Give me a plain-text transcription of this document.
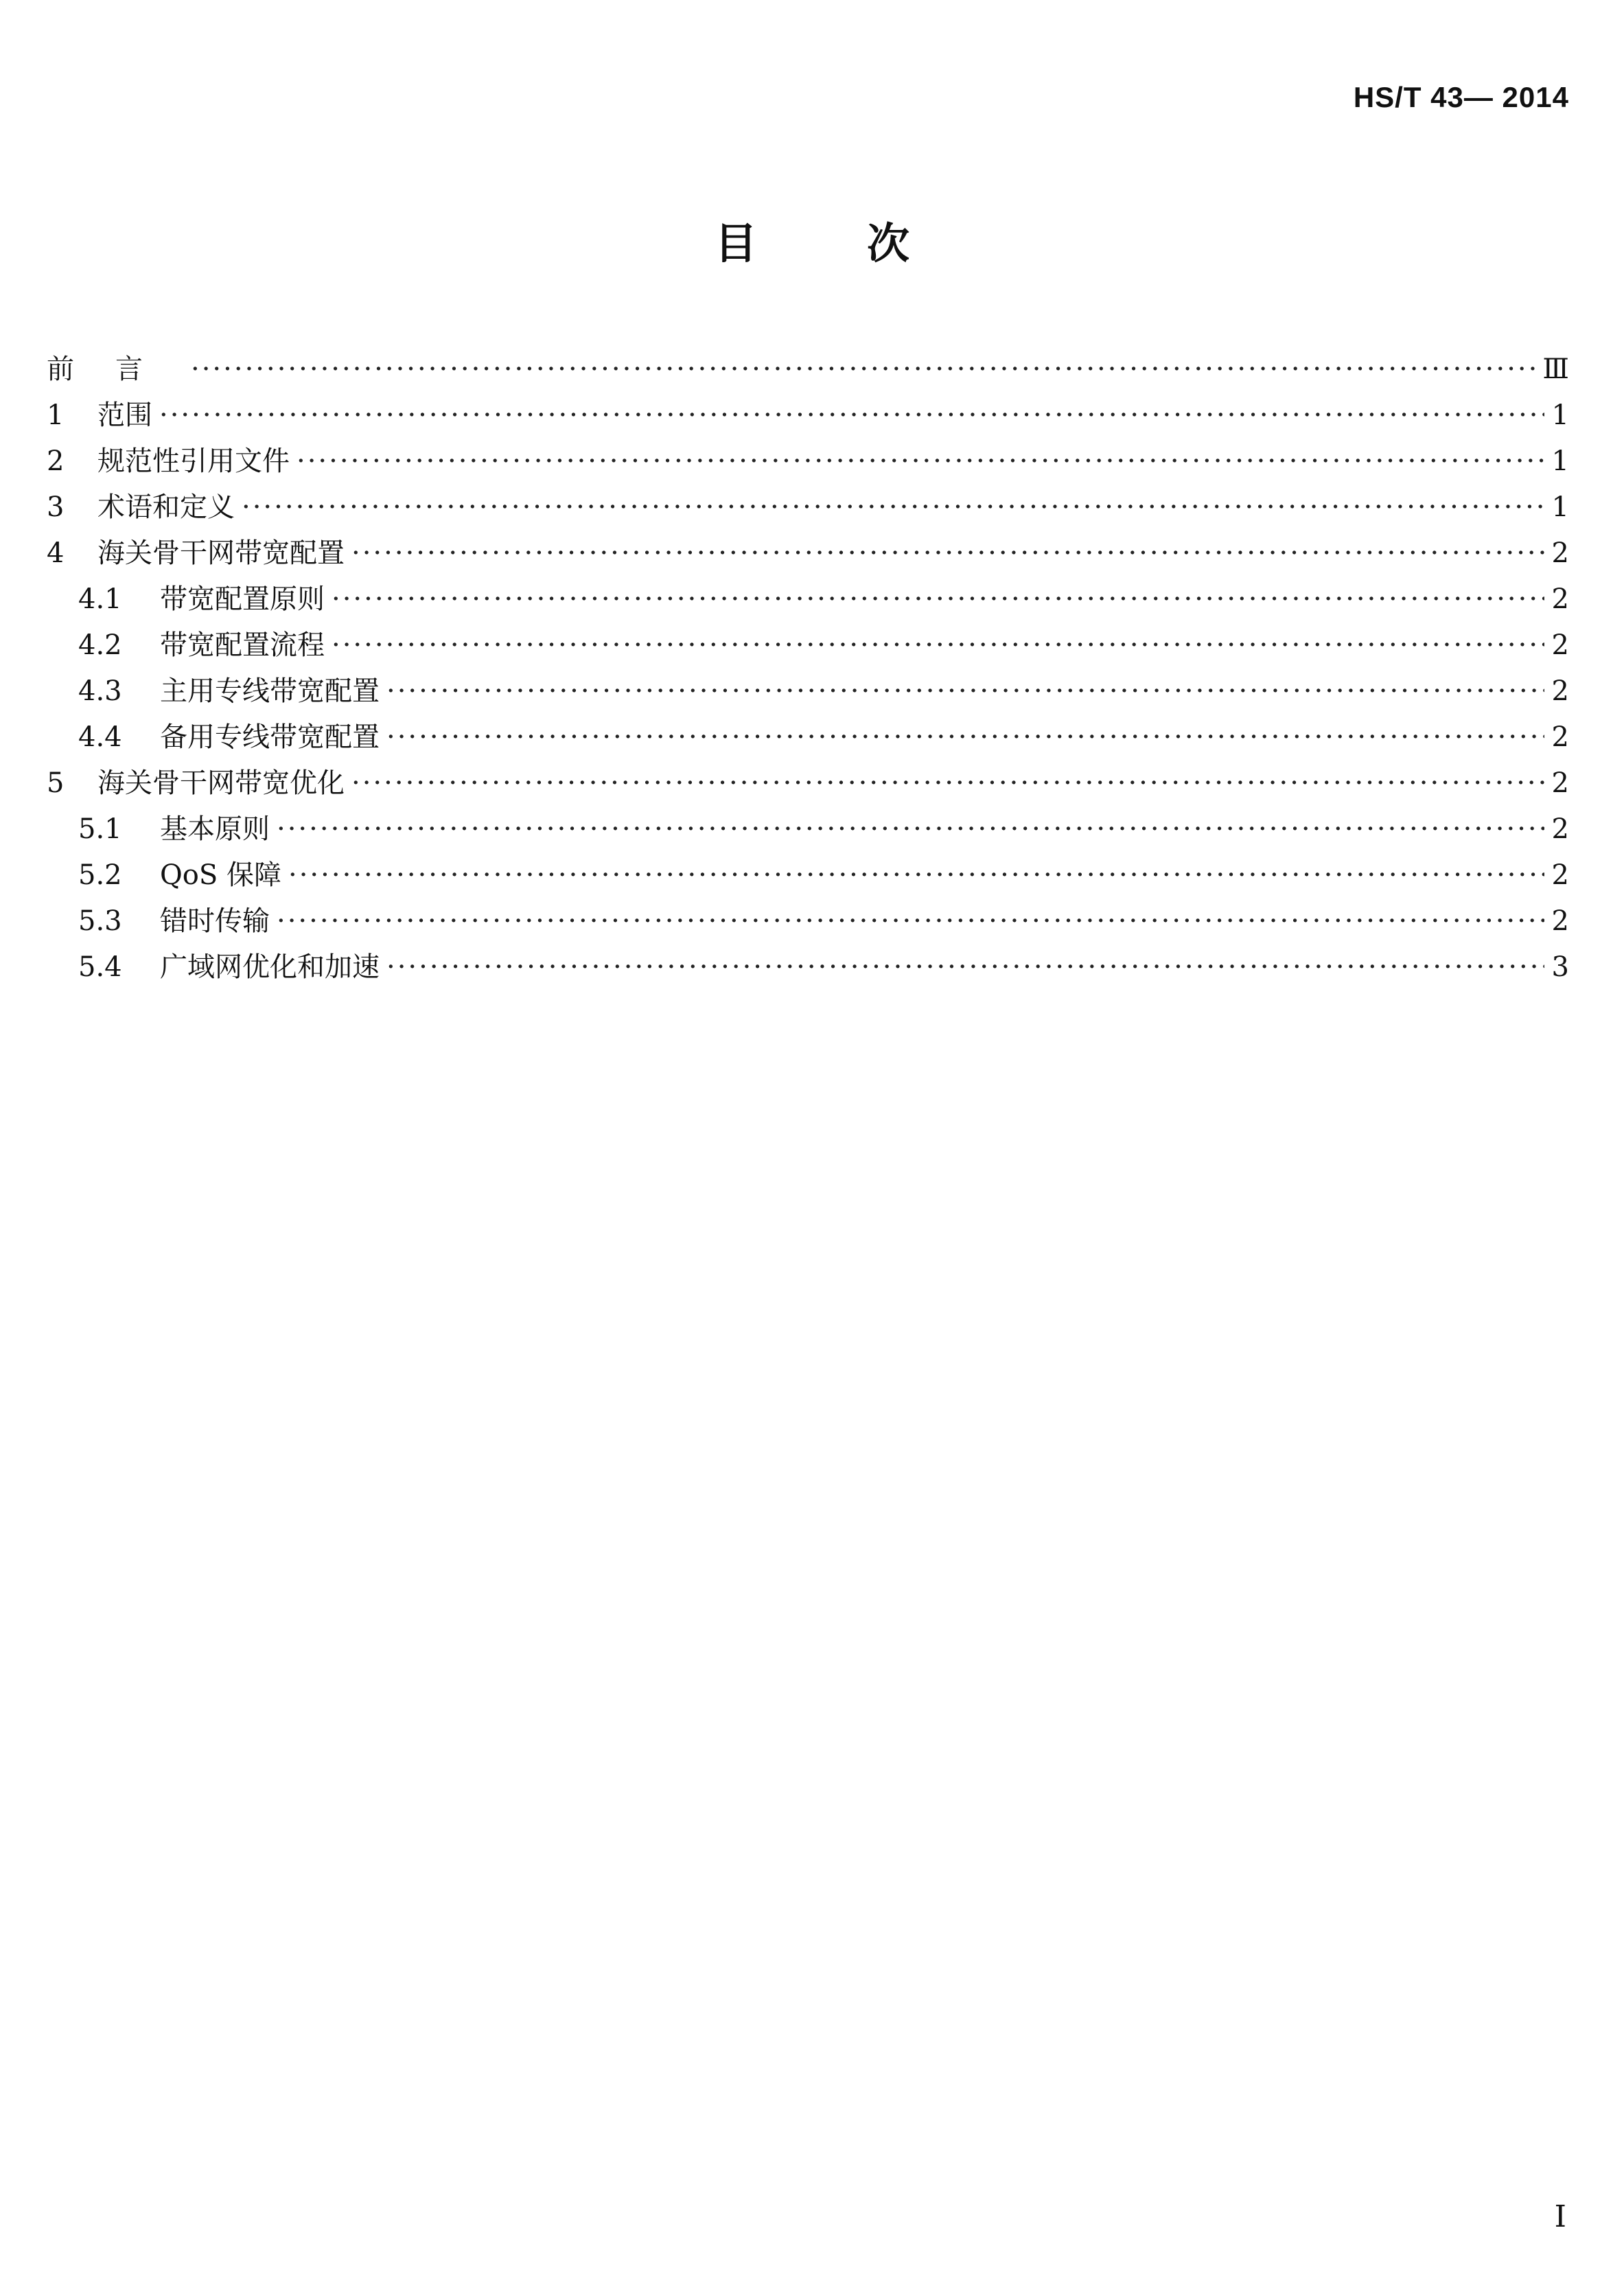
HS/T 43— 2014
目	次
前言 ·····	Ⅲ
1	范围 ·····	1
2	规范性引用文件 ·····	1
3	术语和定义 ·····	1
4	海关骨干网带宽配置 ·····	2
4.1	带宽配置原则 ·····	2
4.2	带宽配置流程 ·····	2
4.3	主用专线带宽配置 ·····	2
4.4	备用专线带宽配置 ·····	2
5	海关骨干网带宽优化 ·····	2
5.1	基本原则 ·····	2
5.2	QoS 保障 ·····	2
5.3	错时传输 ·····	2
5.4	广域网优化和加速 ·····	3
I
